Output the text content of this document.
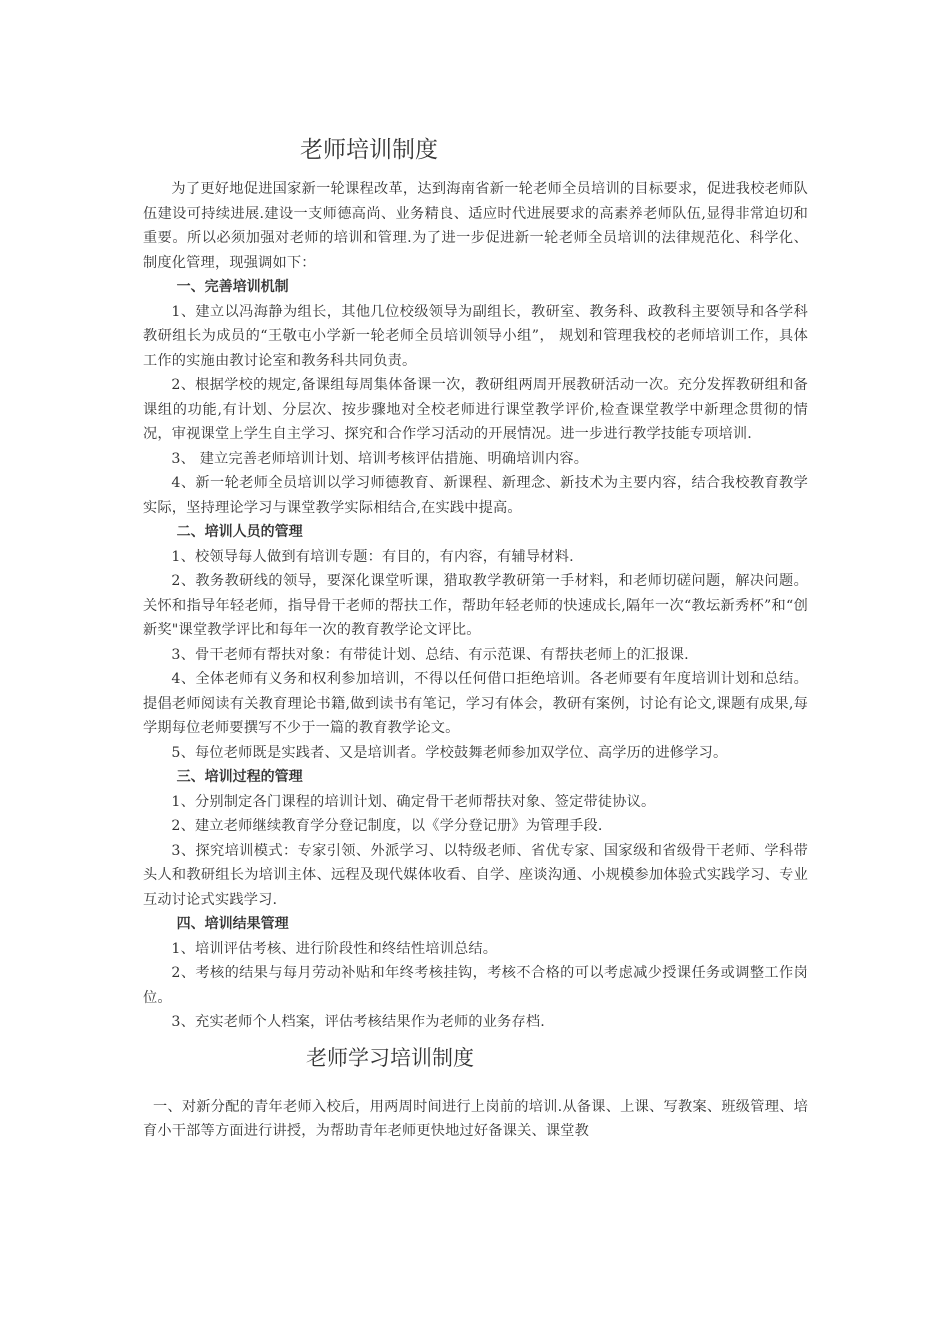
老师培训制度

为了更好地促进国家新一轮课程改革，达到海南省新一轮老师全员培训的目标要求，促进我校老师队伍建设可持续进展.建设一支师德高尚、业务精良、适应时代进展要求的高素养老师队伍,显得非常迫切和重要。所以必须加强对老师的培训和管理.为了进一步促进新一轮老师全员培训的法律规范化、科学化、制度化管理，现强调如下：

一、完善培训机制

1、建立以冯海静为组长，其他几位校级领导为副组长，教研室、教务科、政教科主要领导和各学科教研组长为成员的“王敬屯小学新一轮老师全员培训领导小组”， 规划和管理我校的老师培训工作，具体工作的实施由教讨论室和教务科共同负责。

2、根据学校的规定,备课组每周集体备课一次，教研组两周开展教研活动一次。充分发挥教研组和备课组的功能,有计划、分层次、按步骤地对全校老师进行课堂教学评价,检查课堂教学中新理念贯彻的情况，审视课堂上学生自主学习、探究和合作学习活动的开展情况。进一步进行教学技能专项培训.

3、 建立完善老师培训计划、培训考核评估措施、明确培训内容。

4、新一轮老师全员培训以学习师德教育、新课程、新理念、新技术为主要内容，结合我校教育教学实际，坚持理论学习与课堂教学实际相结合,在实践中提高。

二、培训人员的管理

1、校领导每人做到有培训专题：有目的，有内容，有辅导材料.

2、教务教研线的领导，要深化课堂听课，猎取教学教研第一手材料，和老师切磋问题，解决问题。关怀和指导年轻老师，指导骨干老师的帮扶工作，帮助年轻老师的快速成长,隔年一次“教坛新秀杯”和“创新奖"课堂教学评比和每年一次的教育教学论文评比。

3、骨干老师有帮扶对象：有带徒计划、总结、有示范课、有帮扶老师上的汇报课.

4、全体老师有义务和权利参加培训，不得以任何借口拒绝培训。各老师要有年度培训计划和总结。提倡老师阅读有关教育理论书籍,做到读书有笔记，学习有体会，教研有案例，讨论有论文,课题有成果,每学期每位老师要撰写不少于一篇的教育教学论文。

5、每位老师既是实践者、又是培训者。学校鼓舞老师参加双学位、高学历的进修学习。

三、培训过程的管理

1、分别制定各门课程的培训计划、确定骨干老师帮扶对象、签定带徒协议。

2、建立老师继续教育学分登记制度，以《学分登记册》为管理手段.

3、探究培训模式：专家引领、外派学习、以特级老师、省优专家、国家级和省级骨干老师、学科带头人和教研组长为培训主体、远程及现代媒体收看、自学、座谈沟通、小规模参加体验式实践学习、专业互动讨论式实践学习.

四、培训结果管理

1、培训评估考核、进行阶段性和终结性培训总结。

2、考核的结果与每月劳动补贴和年终考核挂钩，考核不合格的可以考虑减少授课任务或调整工作岗位。

3、充实老师个人档案，评估考核结果作为老师的业务存档.

老师学习培训制度

一、对新分配的青年老师入校后，用两周时间进行上岗前的培训.从备课、上课、写教案、班级管理、培育小干部等方面进行讲授，为帮助青年老师更快地过好备课关、课堂教
